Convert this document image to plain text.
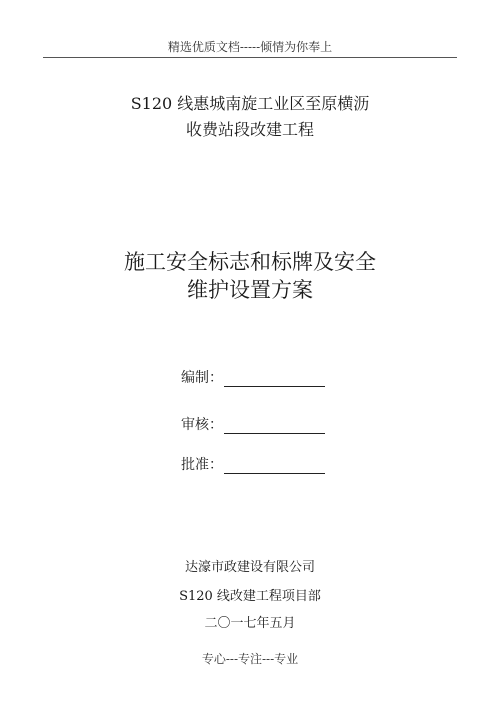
精选优质文档-----倾情为你奉上
S120 线惠城南旋工业区至原横沥
收费站段改建工程
施工安全标志和标牌及安全
维护设置方案
编制：
审核：
批准：
达濠市政建设有限公司
S120 线改建工程项目部
二〇一七年五月
专心---专注---专业
